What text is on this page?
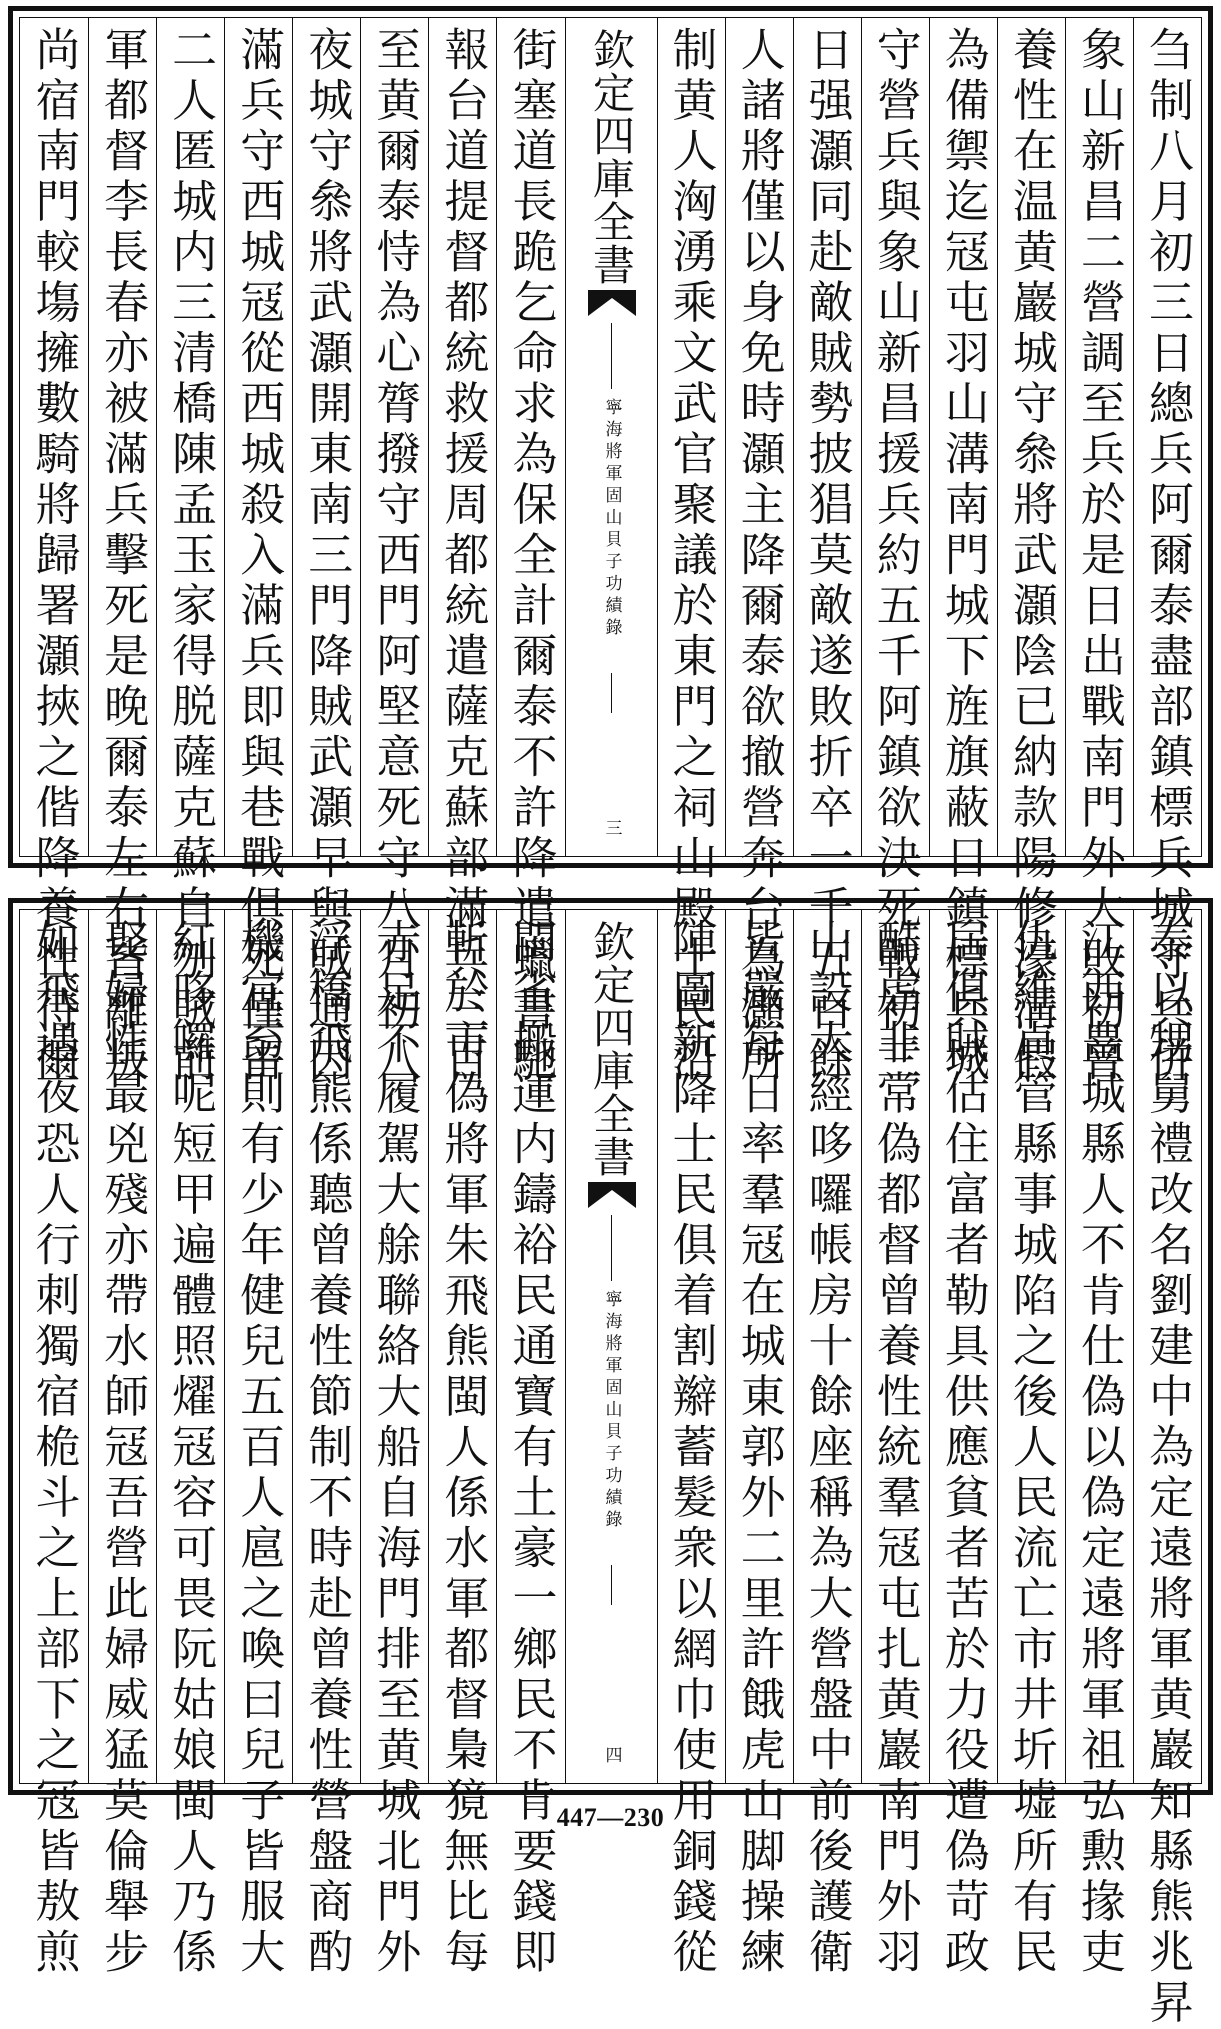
刍制八月初三日總兵阿爾泰盡部鎮標兵城守兵併
象山新昌二營調至兵於是日出戰南門外大敗初曾
養性在温黄巖城守叅將武灝陰已納款陽修濠溝假
為備禦迄冦屯羽山溝南門城下旌旗蔽日鎮標兵城
守營兵與象山新昌援兵約五千阿鎮欲決死戰初三
日强灝同赴敵賊勢披猖莫敵遂敗折卒一千五百餘
人諸將僅以身免時灝主降爾泰欲撤營奔台為灝所
制黄人洶湧乘文武官聚議於東門之祠山殿士民沿
欽定四庫全書
寧海將軍固山貝子功績錄
三
街塞道長跪乞命求為保全計爾泰不許降遣蠟書馳
報台道提督都統救援周都統遣薩克蘇部滿兵三百
至黄爾泰恃為心膂撥守西門阿堅意死守八月初八
夜城守叅將武灝開東南三門降賊武灝早與賊通因
滿兵守西城冦從西城殺入滿兵即與巷戰俱死僅留
二人匿城内三清橋陳孟玉家得脱薩克蘇自刎賊前
軍都督李長春亦被滿兵擊死是晚爾泰左右皆離叛
尚宿南門較塲擁數騎將歸署灝挾之偕降養性待爾
泰以甥舅禮改名劉建中為定遠將軍黄巖知縣熊兆昇
江西豊城縣人不肯仕偽以偽定遠將軍祖弘勲掾吏
仇維貞管縣事城陷之後人民流亡市井圻墟所有民
居俱賊估住富者勒具供應貧者苦於力役遭偽苛政
酷虐非常偽都督曾養性統羣冦屯扎黄巖南門外羽
山設大經哆囉帳房十餘座稱為大營盤中前後護衛
皆嚴每日率羣冦在城東郭外二里許餓虎山脚操練
陣圖新降士民俱着割辮蓄髮衆以網巾使用銅錢從
欽定四庫全書
寧海將軍固山貝子功績錄
四
閩省搬運内鑄裕民通寶有土豪一鄉民不肯要錢即
斬於市偽將軍朱飛熊閩人係水軍都督梟獍無比每
赤足不履駕大艅聯絡大船自海門排至黄城北門外
浮橋飛熊係聽曾養性節制不時赴曾養性營盤商酌
機宜至則有少年健兒五百人扈之喚曰兒子皆服大
紅哆囉呢短甲遍體照燿冦容可畏阮姑娘閩人乃係
娶婦性最兇殘亦帶水師冦吾營此婦威猛莫倫舉步
如飛遇夜恐人行刺獨宿桅斗之上部下之冦皆敖煎	447—230
